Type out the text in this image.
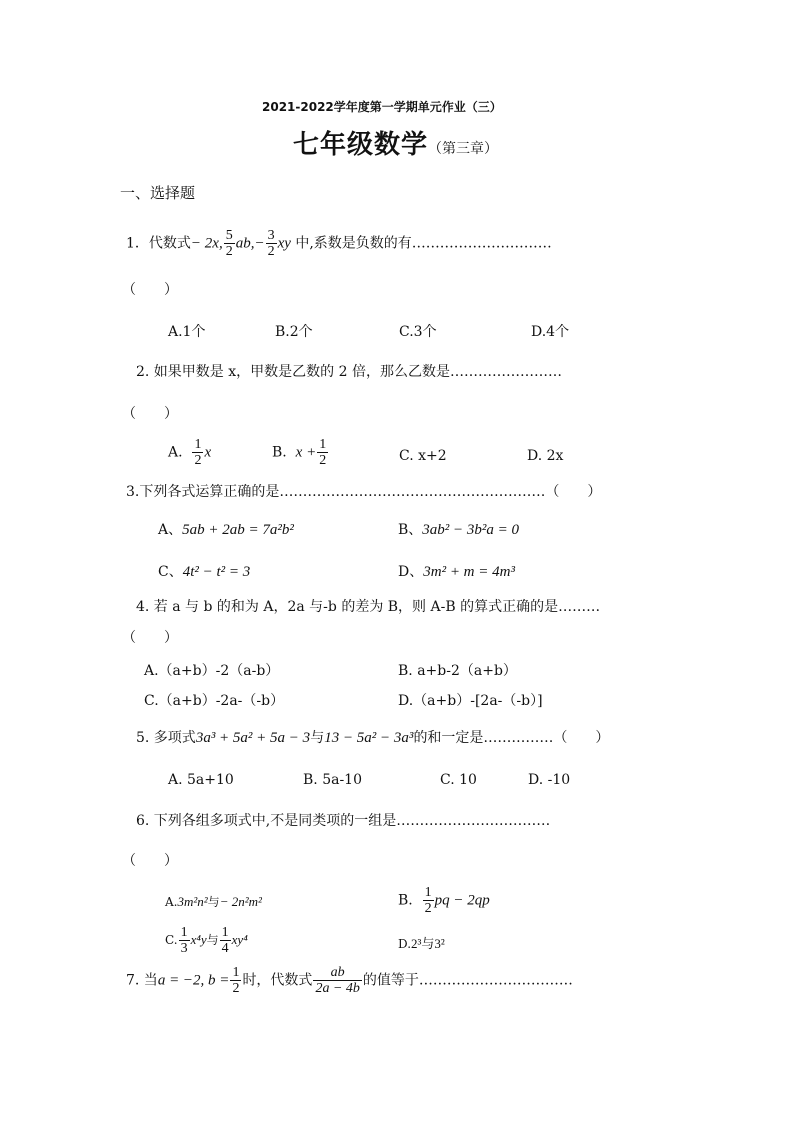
2021-2022学年度第一学期单元作业（三）
七年级数学（第三章）
一、选择题
1．代数式− 2x, $\frac{5}{2} ab,- \frac{3}{2}$ xy 中,系数是负数的有…………………………
（　　）
A.1个	B.2个	C.3个	D.4个
2. 如果甲数是 x，甲数是乙数的 2 倍，那么乙数是……………………
（　　）
A. $\frac{1}{2}$ x	B. $x + \frac{1}{2}$	C. x+2	D. 2x
3.下列各式运算正确的是…………………………………………………（　　）
A、5ab + 2ab = 7a²b²	B、3ab² − 3b²a = 0
C、4t² − t² = 3	D、3m² + m = 4m³
4. 若 a 与 b 的和为 A，2a 与-b 的差为 B，则 A-B 的算式正确的是………
（　　）
A.（a+b）-2（a-b）	B. a+b-2（a+b）
C.（a+b）-2a-（-b）	D.（a+b）-[2a-（-b）]
5. 多项式3a³ + 5a² + 5a − 3与13 − 5a² − 3a³的和一定是……………（　　）
A. 5a+10	B. 5a-10	C. 10	D. -10
6. 下列各组多项式中,不是同类项的一组是……………………………
（　　）
A.3m²n²与− 2n²m²	B. $\frac{1}{2}$ pq − 2qp
C. $\frac{1}{3} x^4y$与 $\frac{1}{4} xy^4$	D.2³与3²
7. 当a = −2, $b = \frac{1}{2}$ 时，代数式 $\frac{ab}{2a - 4b}$ 的值等于……………………………
